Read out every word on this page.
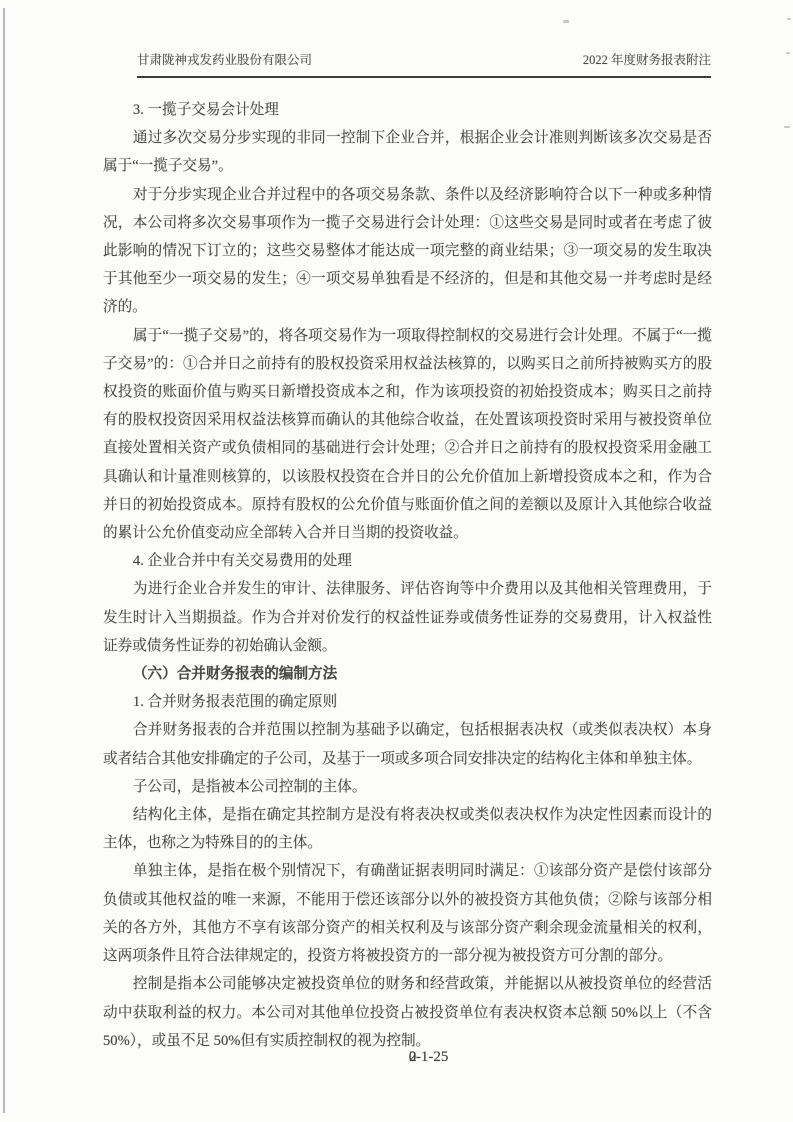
甘肃陇神戎发药业股份有限公司	2022 年度财务报表附注

3. 一揽子交易会计处理

通过多次交易分步实现的非同一控制下企业合并，根据企业会计准则判断该多次交易是否属于“一揽子交易”。

对于分步实现企业合并过程中的各项交易条款、条件以及经济影响符合以下一种或多种情况，本公司将多次交易事项作为一揽子交易进行会计处理：①这些交易是同时或者在考虑了彼此影响的情况下订立的；这些交易整体才能达成一项完整的商业结果；③一项交易的发生取决于其他至少一项交易的发生；④一项交易单独看是不经济的，但是和其他交易一并考虑时是经济的。

属于“一揽子交易”的，将各项交易作为一项取得控制权的交易进行会计处理。不属于“一揽子交易”的：①合并日之前持有的股权投资采用权益法核算的，以购买日之前所持被购买方的股权投资的账面价值与购买日新增投资成本之和，作为该项投资的初始投资成本；购买日之前持有的股权投资因采用权益法核算而确认的其他综合收益，在处置该项投资时采用与被投资单位直接处置相关资产或负债相同的基础进行会计处理；②合并日之前持有的股权投资采用金融工具确认和计量准则核算的，以该股权投资在合并日的公允价值加上新增投资成本之和，作为合并日的初始投资成本。原持有股权的公允价值与账面价值之间的差额以及原计入其他综合收益的累计公允价值变动应全部转入合并日当期的投资收益。

4. 企业合并中有关交易费用的处理

为进行企业合并发生的审计、法律服务、评估咨询等中介费用以及其他相关管理费用，于发生时计入当期损益。作为合并对价发行的权益性证券或债务性证券的交易费用，计入权益性证券或债务性证券的初始确认金额。

（六）合并财务报表的编制方法

1. 合并财务报表范围的确定原则

合并财务报表的合并范围以控制为基础予以确定，包括根据表决权（或类似表决权）本身或者结合其他安排确定的子公司，及基于一项或多项合同安排决定的结构化主体和单独主体。

子公司，是指被本公司控制的主体。

结构化主体，是指在确定其控制方是没有将表决权或类似表决权作为决定性因素而设计的主体，也称之为特殊目的的主体。

单独主体，是指在极个别情况下，有确凿证据表明同时满足：①该部分资产是偿付该部分负债或其他权益的唯一来源，不能用于偿还该部分以外的被投资方其他负债；②除与该部分相关的各方外，其他方不享有该部分资产的相关权利及与该部分资产剩余现金流量相关的权利，这两项条件且符合法律规定的，投资方将被投资方的一部分视为被投资方可分割的部分。

控制是指本公司能够决定被投资单位的财务和经营政策，并能据以从被投资单位的经营活动中获取利益的权力。本公司对其他单位投资占被投资单位有表决权资本总额 50%以上（不含50%），或虽不足 50%但有实质控制权的视为控制。

-1-25
